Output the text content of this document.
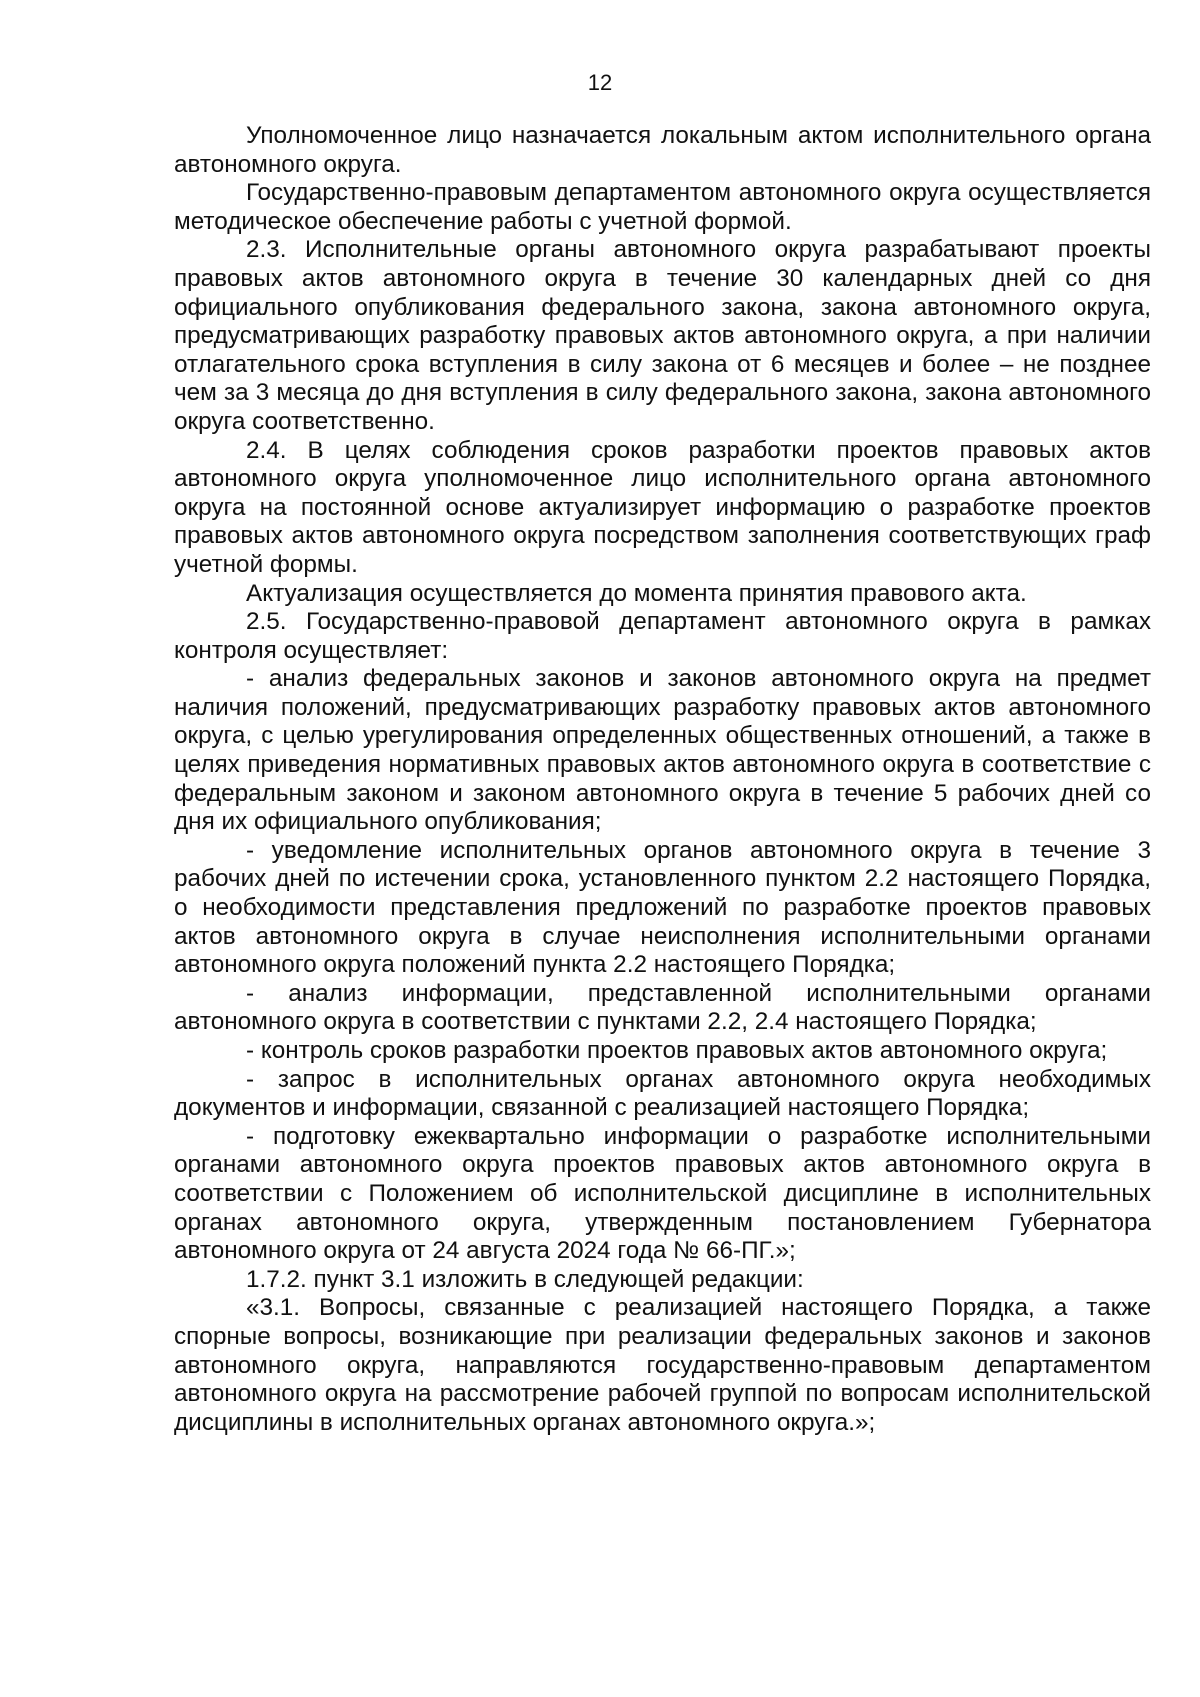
12

Уполномоченное лицо назначается локальным актом исполнительного органа автономного округа.

Государственно-правовым департаментом автономного округа осуществляется методическое обеспечение работы с учетной формой.

2.3. Исполнительные органы автономного округа разрабатывают проекты правовых актов автономного округа в течение 30 календарных дней со дня официального опубликования федерального закона, закона автономного округа, предусматривающих разработку правовых актов автономного округа, а при наличии отлагательного срока вступления в силу закона от 6 месяцев и более – не позднее чем за 3 месяца до дня вступления в силу федерального закона, закона автономного округа соответственно.

2.4. В целях соблюдения сроков разработки проектов правовых актов автономного округа уполномоченное лицо исполнительного органа автономного округа на постоянной основе актуализирует информацию о разработке проектов правовых актов автономного округа посредством заполнения соответствующих граф учетной формы.

Актуализация осуществляется до момента принятия правового акта.

2.5. Государственно-правовой департамент автономного округа в рамках контроля осуществляет:

- анализ федеральных законов и законов автономного округа на предмет наличия положений, предусматривающих разработку правовых актов автономного округа, с целью урегулирования определенных общественных отношений, а также в целях приведения нормативных правовых актов автономного округа в соответствие с федеральным законом и законом автономного округа в течение 5 рабочих дней со дня их официального опубликования;

- уведомление исполнительных органов автономного округа в течение 3 рабочих дней по истечении срока, установленного пунктом 2.2 настоящего Порядка, о необходимости представления предложений по разработке проектов правовых актов автономного округа в случае неисполнения исполнительными органами автономного округа положений пункта 2.2 настоящего Порядка;

- анализ информации, представленной исполнительными органами автономного округа в соответствии с пунктами 2.2, 2.4 настоящего Порядка;

- контроль сроков разработки проектов правовых актов автономного округа;

- запрос в исполнительных органах автономного округа необходимых документов и информации, связанной с реализацией настоящего Порядка;

- подготовку ежеквартально информации о разработке исполнительными органами автономного округа проектов правовых актов автономного округа в соответствии с Положением об исполнительской дисциплине в исполнительных органах автономного округа, утвержденным постановлением Губернатора автономного округа от 24 августа 2024 года № 66-ПГ.»;

1.7.2. пункт 3.1 изложить в следующей редакции:

«3.1. Вопросы, связанные с реализацией настоящего Порядка, а также спорные вопросы, возникающие при реализации федеральных законов и законов автономного округа, направляются государственно-правовым департаментом автономного округа на рассмотрение рабочей группой по вопросам исполнительской дисциплины в исполнительных органах автономного округа.»;
